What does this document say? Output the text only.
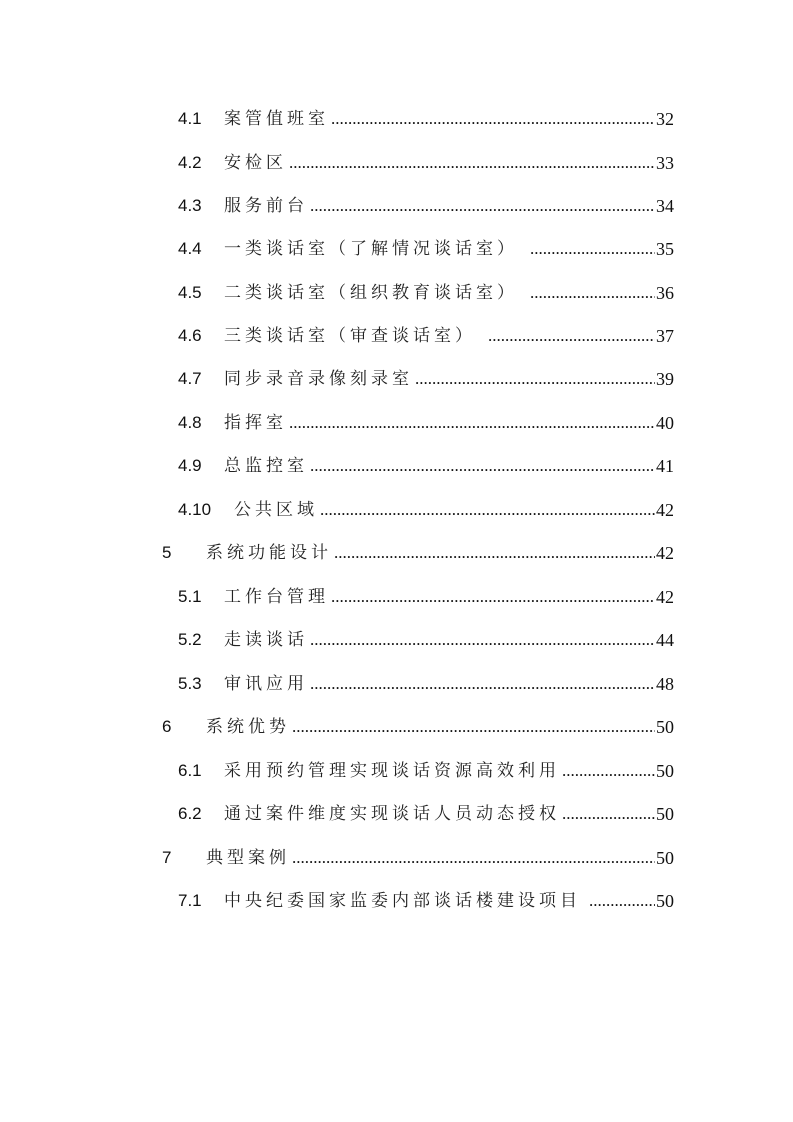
4.1	案管值班室 .....	32
4.2	安检区 .....	33
4.3	服务前台 .....	34
4.4	一类谈话室（了解情况谈话室） .....	35
4.5	二类谈话室（组织教育谈话室） .....	36
4.6	三类谈话室（审查谈话室） .....	37
4.7	同步录音录像刻录室 .....	39
4.8	指挥室 .....	40
4.9	总监控室 .....	41
4.10	公共区域 .....	42
5	系统功能设计 .....	42
5.1	工作台管理 .....	42
5.2	走读谈话 .....	44
5.3	审讯应用 .....	48
6	系统优势 .....	50
6.1	采用预约管理实现谈话资源高效利用 .....	50
6.2	通过案件维度实现谈话人员动态授权 .....	50
7	典型案例 .....	50
7.1	中央纪委国家监委内部谈话楼建设项目 .....	50
